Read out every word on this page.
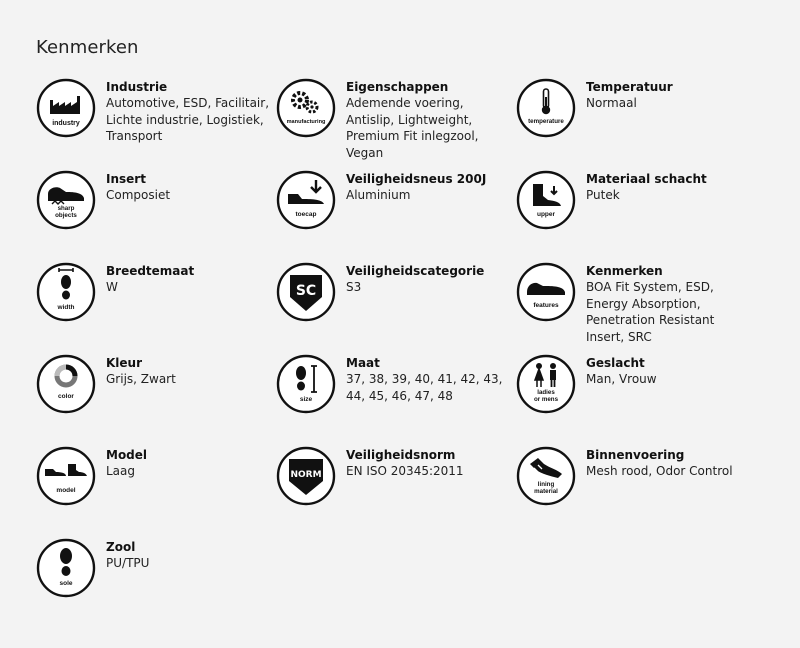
Kenmerken
industry
Industrie
Automotive, ESD, Facilitair, Lichte industrie, Logistiek, Transport
manufacturing
Eigenschappen
Ademende voering, Antislip, Lightweight, Premium Fit inlegzool, Vegan
temperature
Temperatuur
Normaal
sharp
objects
Insert
Composiet
toecap
Veiligheidsneus 200J
Aluminium
upper
Materiaal schacht
Putek
width
Breedtemaat
W	SC
Veiligheidscategorie
S3
features
Kenmerken
BOA Fit System, ESD, Energy Absorption, Penetration Resistant Insert, SRC
color
Kleur
Grijs, Zwart
size
Maat
37, 38, 39, 40, 41, 42, 43, 44, 45, 46, 47, 48	ladies
or mens
Geslacht
Man, Vrouw
model
Model
Laag	NORM
Veiligheidsnorm
EN ISO 20345:2011
lining
material
Binnenvoering
Mesh rood, Odor Control
sole
Zool
PU/TPU
